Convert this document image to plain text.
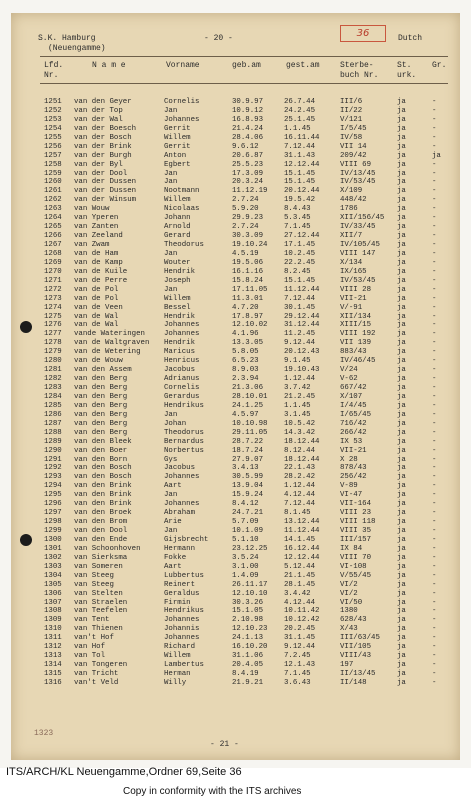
S.K. Hamburg
(Neuengamme)
- 20 -	36	Dutch
Lfd.
Nr.
N a m e	Vorname	geb.am	gest.am	Sterbe-
buch Nr.
St.
urk.
Gr.
1251 van den Geyer	Cornelis	30.9.97	26.7.44	III/6	ja	-
1252 van der Top	Jan	10.9.12	24.2.45	II/22	ja	-
1253 van der Wal	Johannes	16.8.93	25.1.45	V/121	ja	-
1254 van der Boesch	Gerrit	21.4.24	1.1.45	I/5/45	ja	-
1255 van der Bosch	Willem	28.4.06	16.11.44	IV/58	ja	-
1256 van der Brink	Gerrit	9.6.12	7.12.44	VII 14	ja	-
1257 van der Burgh	Anton	20.6.87	31.1.43	209/42	ja	ja
1258 van der Byl	Egbert	25.5.23	12.12.44	VIII 69	ja	-
1259 van der Dool	Jan	17.3.09	15.1.45	IV/13/45	ja	-
1260 van der Dussen	Jan	20.3.24	15.1.45	IV/53/45	ja	-
1261 van der Dussen	Nootmann	11.12.19 20.12.44	X/109	ja	-
1262 van der Winsum	Willem	2.7.24	19.5.42	448/42	ja	-
1263 van Wouw	Nicolaas	5.9.20	8.4.43	1786	ja	-
1264 van Yperen	Johann	29.9.23	5.3.45	XII/156/45 ja	-
1265 van Zanten	Arnold	2.7.24	7.1.45	IV/33/45	ja	-
1266 van Zeeland	Gerard	30.3.09	27.12.44	XII/7	ja	-
1267 van Zwam	Theodorus	19.10.24 17.1.45	IV/105/45 ja	-
1268 van de Ham	Jan	4.5.19	10.2.45	VIII 147	ja	-
1269 van de Kamp	Wouter	19.5.06	22.2.45	X/134	ja	-
1270 van de Kuile	Hendrik	16.1.16	8.2.45	IX/165	ja	-
1271 van de Perre	Joseph	15.8.24	15.1.45	IV/53/45	ja	-
1272 van de Pol	Jan	17.11.05 11.12.44	VIII 28	ja	-
1273 van de Pol	Willem	11.3.01	7.12.44	VII-21	ja	-
1274 van de Veen	Bessel	4.7.20	30.1.45	V/-91	ja	-
1275 van de Wal	Hendrik	17.8.97	29.12.44	XII/134	ja	-
1276 van de Wal	Johannes	12.10.02 31.12.44	XIII/15	ja	-
1277 vande Wateringen	Johannes	4.1.96	11.2.45	VIII 192	ja	-
1278 van de Waltgraven Hendrik	13.3.05	9.12.44	VII 139	ja	-
1279 van de Wetering	Maricus	5.8.05	20.12.43	883/43	ja	-
1280 van de Wouw	Henricus	6.5.23	9.1.45	IV/46/45	ja	-
1281 van den Assem	Jacobus	8.9.03	19.10.43	V/24	ja	-
1282 van den Berg	Adrianus	2.3.94	1.12.44	V-62	ja	-
1283 van den Berg	Cornelis	21.3.06	3.7.42	667/42	ja	-
1284 van den Berg	Gerardus	28.10.01 21.2.45	X/107	ja	-
1285 van den Berg	Hendrikus	24.1.25	1.1.45	I/4/45	ja	-
1286 van den Berg	Jan	4.5.97	3.1.45	I/65/45	ja	-
1287 van den Berg	Johan	10.10.98 10.5.42	716/42	ja	-
1288 van den Berg	Theodorus	29.11.05 14.3.42	266/42	ja	-
1289 van den Bleek	Bernardus	28.7.22	18.12.44	IX 53	ja	-
1290 van den Boer	Norbertus	18.7.24	8.12.44	VII-21	ja	-
1291 van den Born	Gys	27.9.07	18.12.44	X 28	ja	-
1292 van den Bosch	Jacobus	3.4.13	22.1.43	878/43	ja	-
1293 van den Bosch	Johannes	30.5.99	28.2.42	256/42	ja	-
1294 van den Brink	Aart	13.9.04	1.12.44	V-89	ja	-
1295 van den Brink	Jan	15.9.24	4.12.44	VI-47	ja	-
1296 van den Brink	Johannes	8.4.12	7.12.44	VII-164	ja	-
1297 van den Broek	Abraham	24.7.21	8.1.45	VIII 23	ja	-
1298 van den Brom	Arie	5.7.09	13.12.44	VIII 118	ja	-
1299 van den Dool	Jan	10.1.09	11.12.44	VIII 35	ja	-
1300 van den Ende	Gijsbrecht	5.1.10	14.1.45	III/157	ja	-
1301 van Schoonhoven	Hermann	23.12.25 16.12.44	IX 84	ja	-
1302 van Sierksma	Fokke	3.5.24	12.12.44	VIII 70	ja	-
1303 van Someren	Aart	3.1.00	5.12.44	VI-108	ja	-
1304 van Steeg	Lubbertus	1.4.09	21.1.45	V/55/45	ja	-
1305 van Steeg	Reinert	26.11.17 28.1.45	VI/2	ja	-
1306 van Stelten	Geraldus	12.10.10 3.4.42	VI/2	ja	-
1307 van Straelen	Firmin	30.3.26	4.12.44	VI/50	ja	-
1308 van Teefelen	Hendrikus	15.1.05	10.11.42	1380	ja	-
1309 van Tent	Johannes	2.10.98	10.12.42	628/43	ja	-
1310 van Thienen	Johannis	12.10.23 20.2.45	X/43	ja	-
1311 van't Hof	Johannes	24.1.13	31.1.45	III/63/45 ja	-
1312 van Hof	Richard	16.10.20 9.12.44	VII/105	ja	-
1313 van Tol	Willem	31.1.06	7.2.45	VIII/43	ja	-
1314 van Tongeren	Lambertus	20.4.05	12.1.43	197	ja	-
1315 van Tricht	Herman	8.4.19	7.1.45	II/13/45	ja	-
1316 van't Veld	Willy	21.9.21	3.6.43	II/148	ja	-
1323
- 21 -
ITS/ARCH/KL Neuengamme,Ordner 69,Seite 36
Copy in conformity with the ITS archives
